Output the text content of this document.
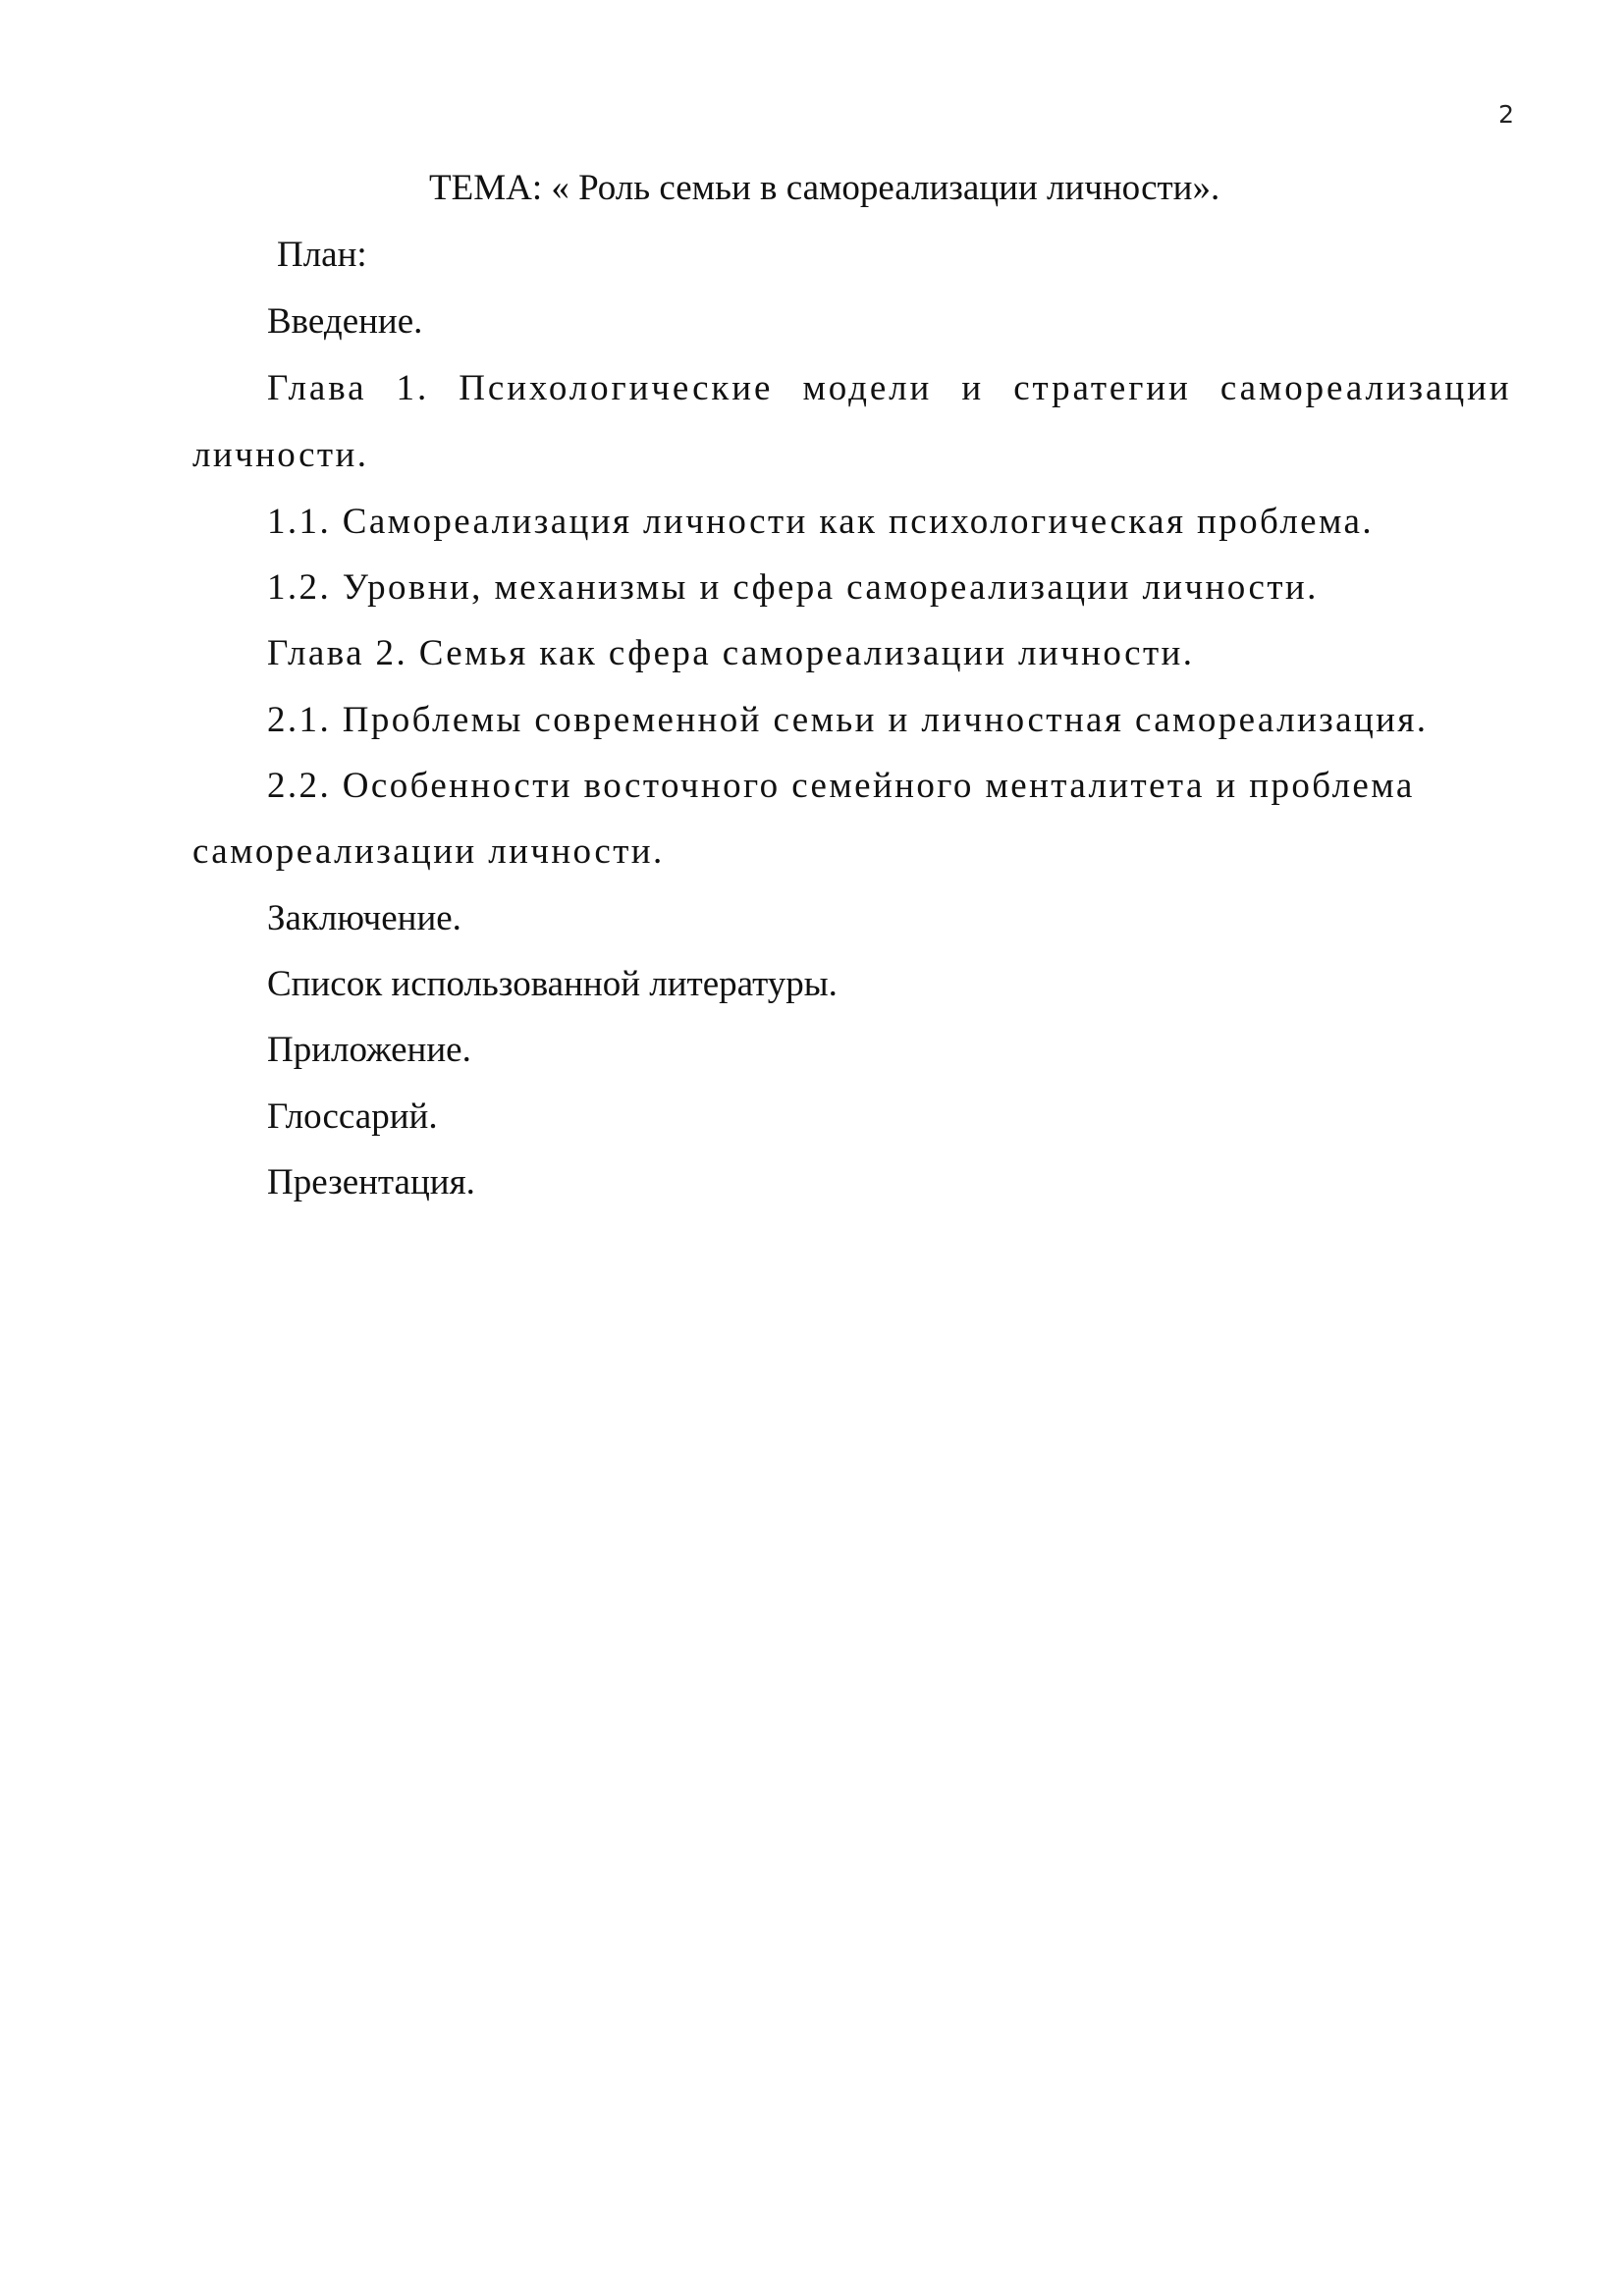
2
ТЕМА: « Роль семьи в самореализации личности».
План:
Введение.
Глава 1. Психологические модели и стратегии самореализации
личности.
1.1. Самореализация личности как психологическая проблема.
1.2. Уровни, механизмы и сфера самореализации личности.
Глава 2. Семья как сфера самореализации личности.
2.1. Проблемы современной семьи и личностная самореализация.
2.2. Особенности восточного семейного менталитета и проблема
самореализации личности.
Заключение.
Список использованной литературы.
Приложение.
Глоссарий.
Презентация.
